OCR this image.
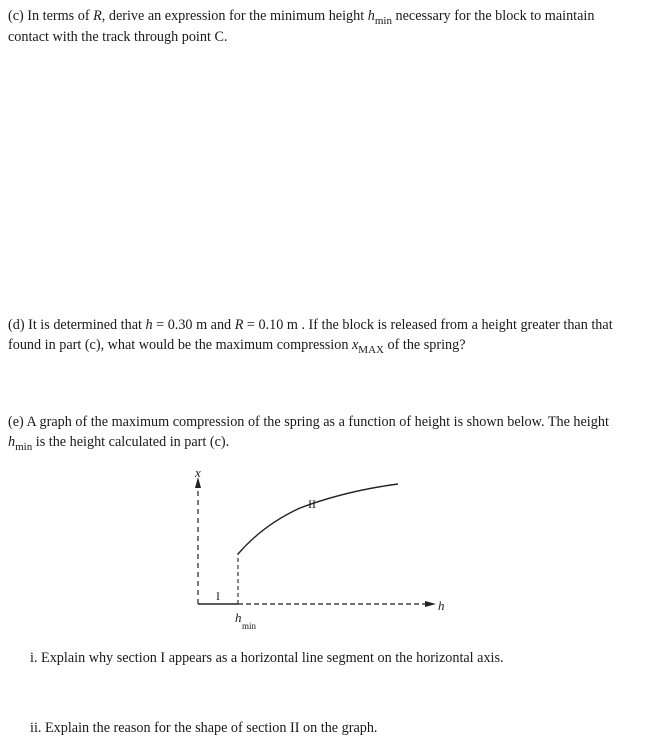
(c) In terms of R, derive an expression for the minimum height $h_{min}$ necessary for the block to maintain
contact with the track through point C.

(d) It is determined that h = 0.30 m and R = 0.10 m . If the block is released from a height greater than that
found in part (c), what would be the maximum compression $x_{MAX}$ of the spring?

(e) A graph of the maximum compression of the spring as a function of height is shown below. The height
$h_{min}$ is the height calculated in part (c).

x
I
h
II
h
min

i. Explain why section I appears as a horizontal line segment on the horizontal axis.

ii. Explain the reason for the shape of section II on the graph.
